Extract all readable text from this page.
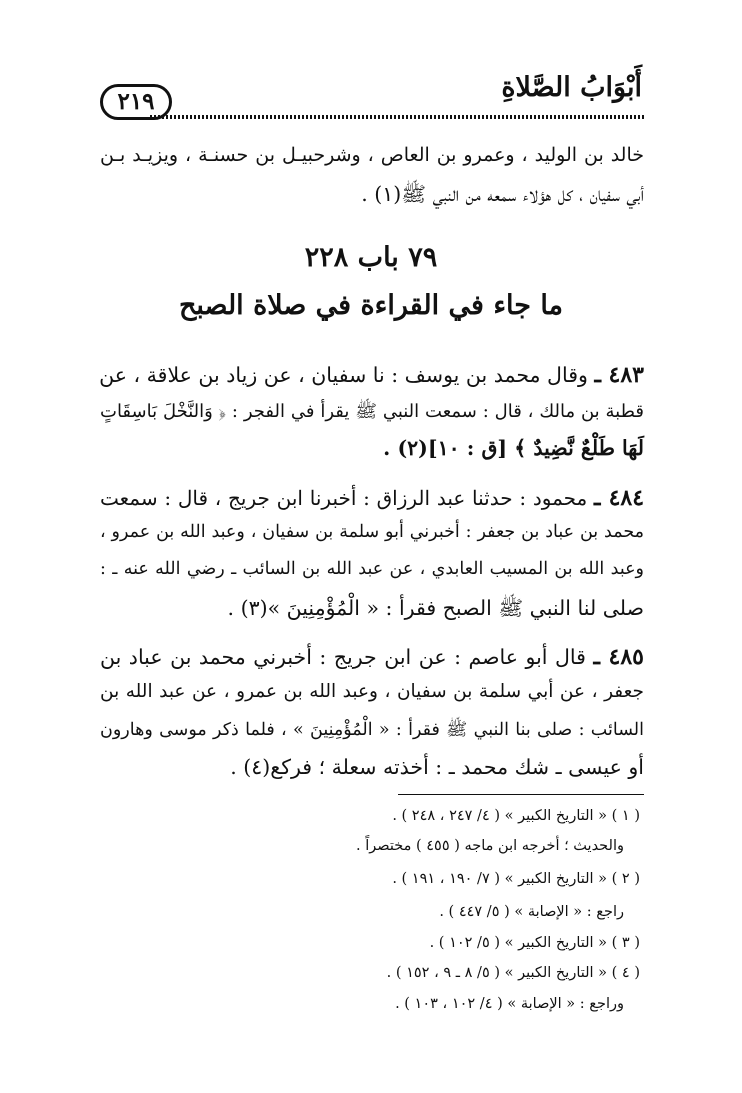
أَبْوَابُ الصَّلاةِ
٢١٩
خالد بن الوليد ، وعمرو بن العاص ، وشرحبيـل بن حسنـة ، ويزيـد بـن
أبي سفيان ، كل هؤلاء سمعه من النبي ﷺ(١) .
٧٩ باب ٢٢٨
ما جاء في القراءة في صلاة الصبح
٤٨٣ ـ وقال محمد بن يوسف : نا سفيان ، عن زياد بن علاقة ، عن
قطبة بن مالك ، قال : سمعت النبي ﷺ يقرأ في الفجر : ﴿ وَالنَّخْلَ بَاسِقَاتٍ
لَهَا طَلْعٌ نَّضِيدٌ ﴾ [ق : ١٠](٢) .
٤٨٤ ـ محمود : حدثنا عبد الرزاق : أخبرنا ابن جريج ، قال : سمعت
محمد بن عباد بن جعفر : أخبرني أبو سلمة بن سفيان ، وعبد الله بن عمرو ،
وعبد الله بن المسيب العابدي ، عن عبد الله بن السائب ـ رضي الله عنه ـ :
صلى لنا النبي ﷺ الصبح فقرأ : « الْمُؤْمِنِينَ »(٣) .
٤٨٥ ـ قال أبو عاصم : عن ابن جريج : أخبرني محمد بن عباد بن
جعفر ، عن أبي سلمة بن سفيان ، وعبد الله بن عمرو ، عن عبد الله بن
السائب : صلى بنا النبي ﷺ فقرأ : « الْمُؤْمِنِينَ » ، فلما ذكر موسى وهارون
أو عيسى ـ شك محمد ـ : أخذته سعلة ؛ فركع(٤) .
( ١ ) « التاريخ الكبير » ( ٤/ ٢٤٧ ، ٢٤٨ ) .
والحديث ؛ أخرجه ابن ماجه ( ٤٥٥ ) مختصراً .
( ٢ ) « التاريخ الكبير » ( ٧/ ١٩٠ ، ١٩١ ) .
راجع : « الإصابة » ( ٥/ ٤٤٧ ) .
( ٣ ) « التاريخ الكبير » ( ٥/ ١٠٢ ) .
( ٤ ) « التاريخ الكبير » ( ٥/ ٨ ـ ٩ ، ١٥٢ ) .
وراجع : « الإصابة » ( ٤/ ١٠٢ ، ١٠٣ ) .
